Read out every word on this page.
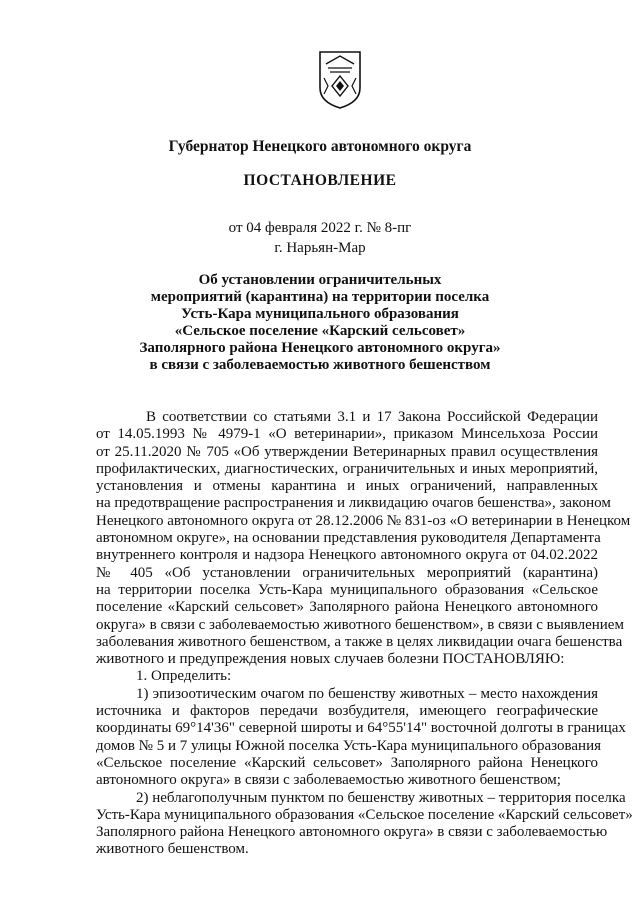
Губернатор Ненецкого автономного округа
ПОСТАНОВЛЕНИЕ
от 04 февраля 2022 г. № 8-пг
г. Нарьян-Мар
Об установлении ограничительных
мероприятий (карантина) на территории поселка
Усть-Кара муниципального образования
«Сельское поселение «Карский сельсовет»
Заполярного района Ненецкого автономного округа»
в связи с заболеваемостью животного бешенством
В соответствии со статьями 3.1 и 17 Закона Российской Федерации
от 14.05.1993 № 4979-1 «О ветеринарии», приказом Минсельхоза России
от 25.11.2020 № 705 «Об утверждении Ветеринарных правил осуществления
профилактических, диагностических, ограничительных и иных мероприятий,
установления и отмены карантина и иных ограничений, направленных
на предотвращение распространения и ликвидацию очагов бешенства», законом
Ненецкого автономного округа от 28.12.2006 № 831-оз «О ветеринарии в Ненецком
автономном округе», на основании представления руководителя Департамента
внутреннего контроля и надзора Ненецкого автономного округа от 04.02.2022
№ 405 «Об установлении ограничительных мероприятий (карантина)
на территории поселка Усть-Кара муниципального образования «Сельское
поселение «Карский сельсовет» Заполярного района Ненецкого автономного
округа» в связи с заболеваемостью животного бешенством», в связи с выявлением
заболевания животного бешенством, а также в целях ликвидации очага бешенства
животного и предупреждения новых случаев болезни ПОСТАНОВЛЯЮ:
1. Определить:
1) эпизоотическим очагом по бешенству животных – место нахождения
источника и факторов передачи возбудителя, имеющего географические
координаты 69°14'36" северной широты и 64°55'14" восточной долготы в границах
домов № 5 и 7 улицы Южной поселка Усть-Кара муниципального образования
«Сельское поселение «Карский сельсовет» Заполярного района Ненецкого
автономного округа» в связи с заболеваемостью животного бешенством;
2) неблагополучным пунктом по бешенству животных – территория поселка
Усть-Кара муниципального образования «Сельское поселение «Карский сельсовет»
Заполярного района Ненецкого автономного округа» в связи с заболеваемостью
животного бешенством.
